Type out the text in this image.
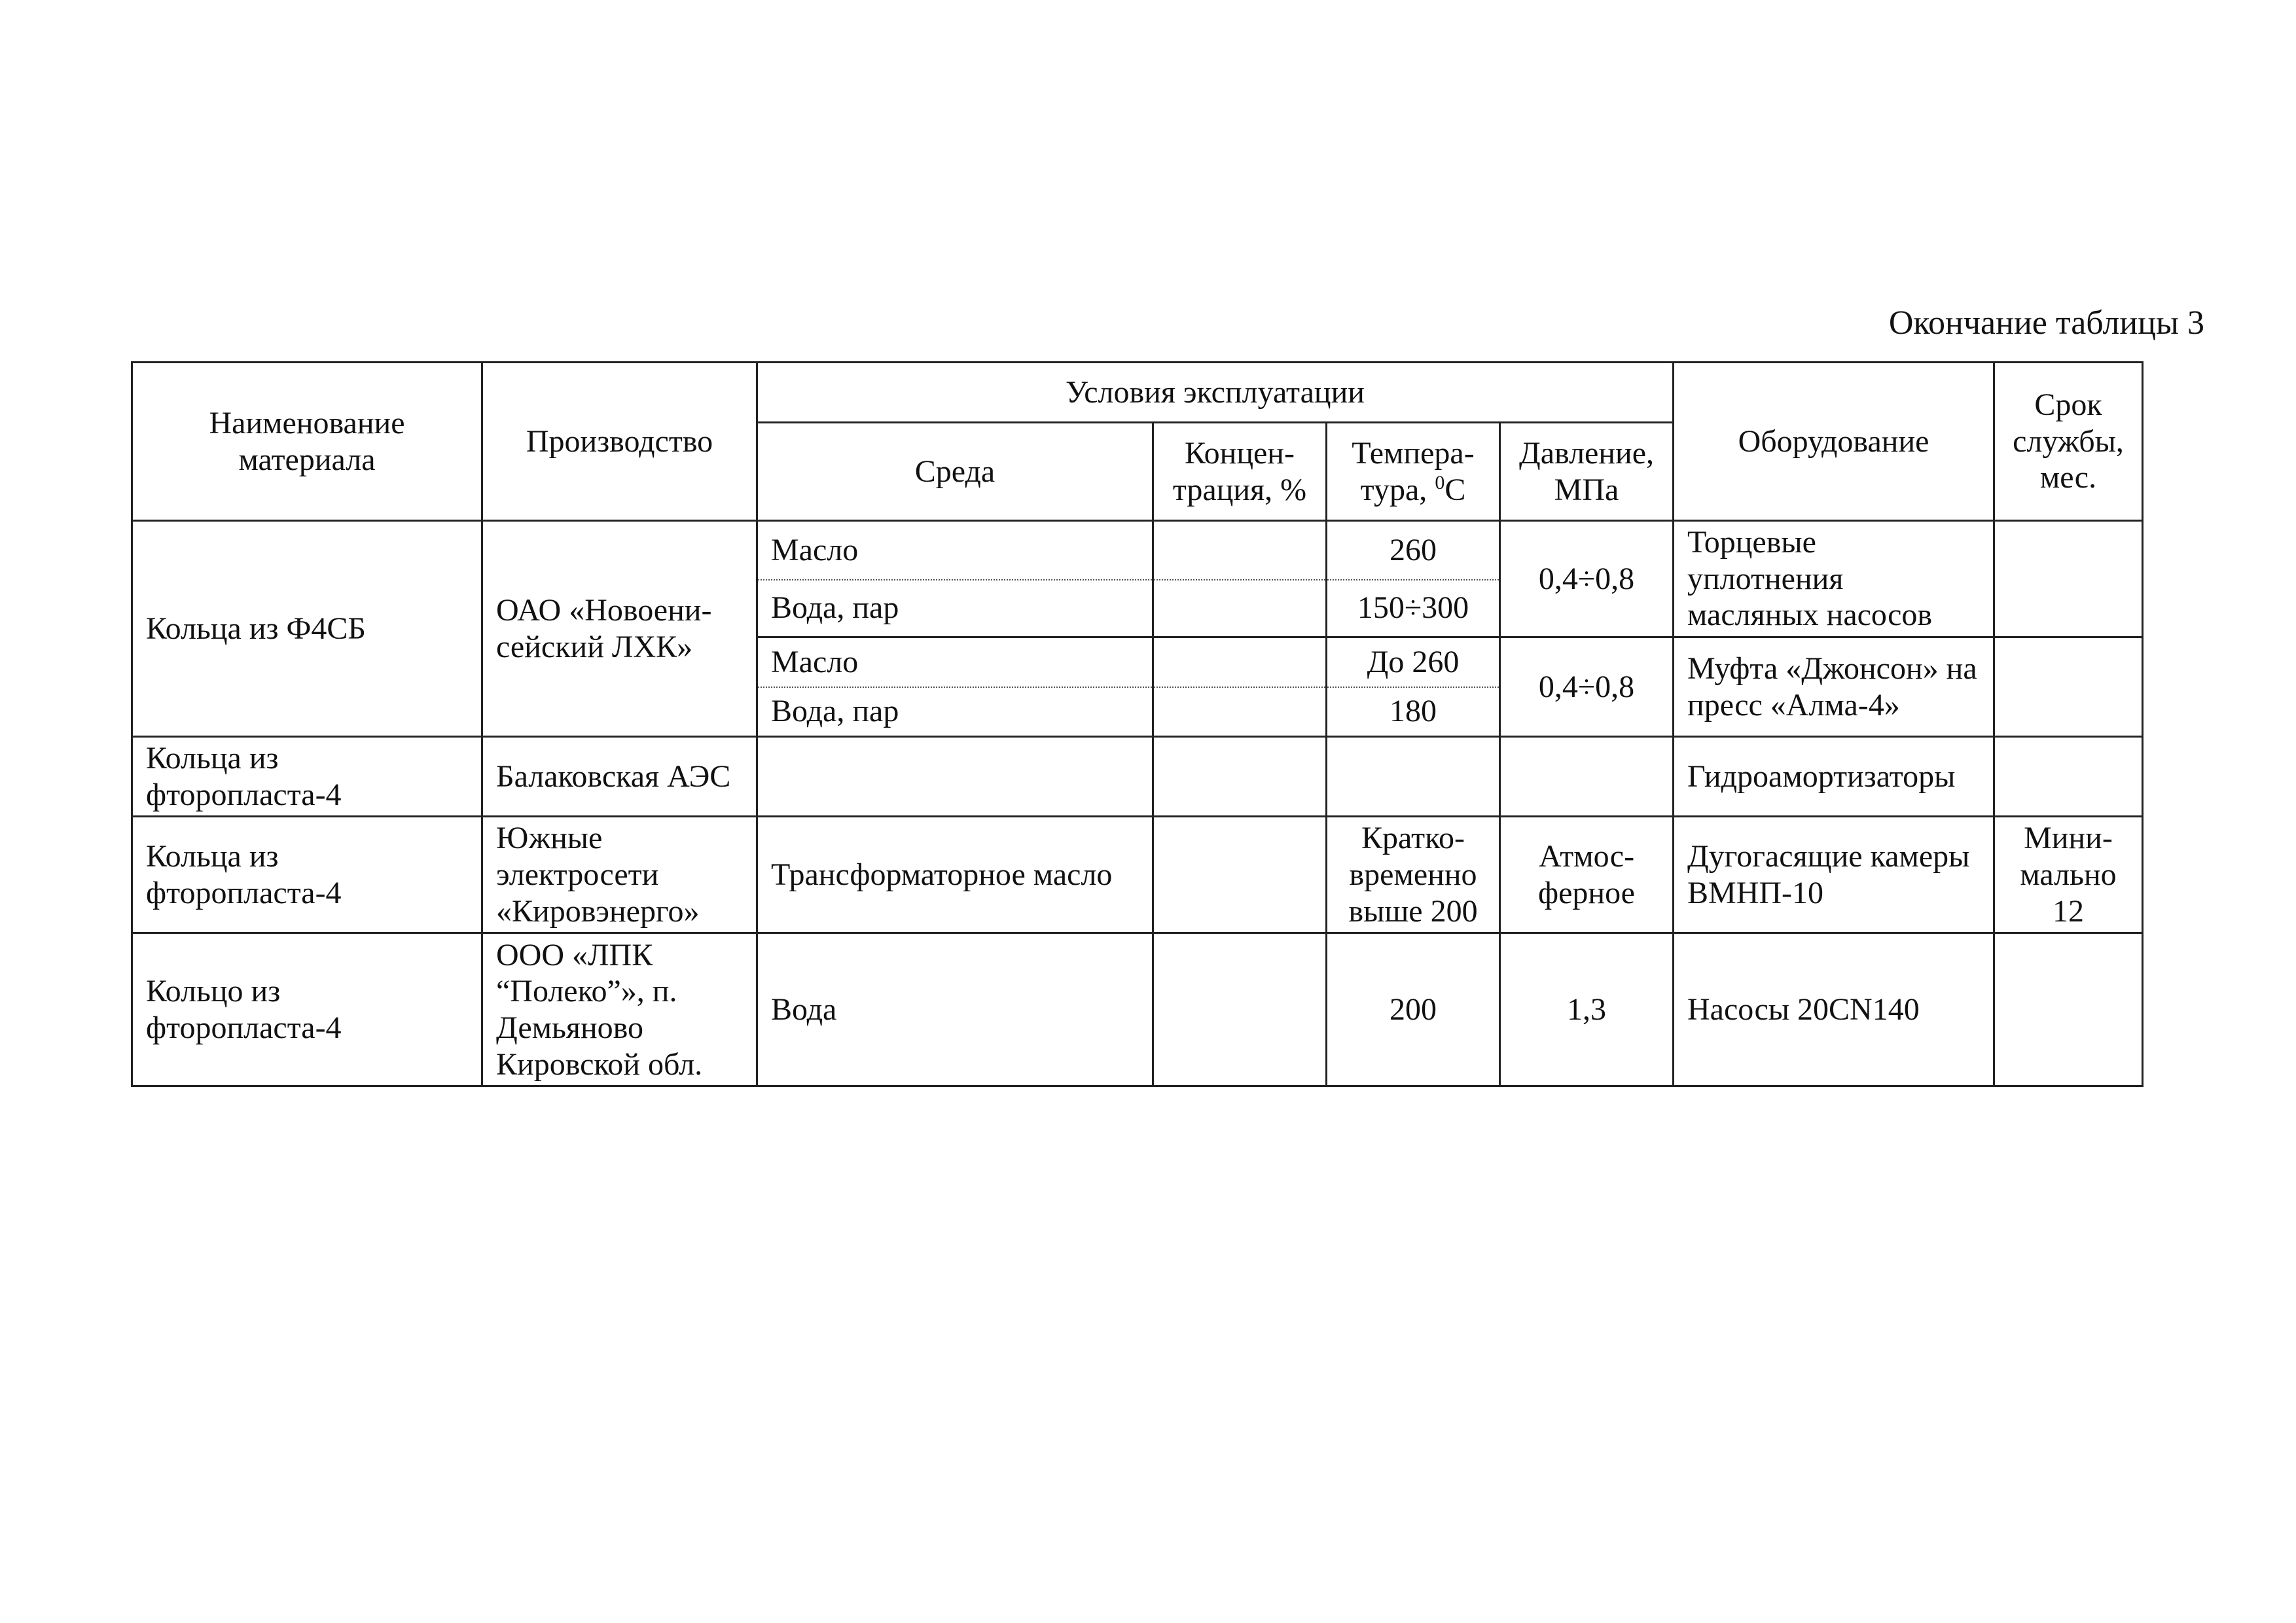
Окончание таблицы 3
Наименование материала	Производство	Условия эксплуатации				Оборудование	Срок службы, мес.
		Среда	Концен-трация, %	Темпера- тура, $^0$С	Давление, МПа		
Кольца из Ф4СБ	ОАО «Новоени-сейский ЛХК»	Масло		260	0,4÷0,8	Торцевые уплотнения масляных насосов	
		Вода, пар		150÷300			
		Масло		До 260	0,4÷0,8	Муфта «Джонсон» на пресс «Алма-4»	
		Вода, пар		180			
Кольца из фторопласта-4	Балаковская АЭС					Гидроамортизаторы	
Кольца из фторопласта-4	Южные электросети «Кировэнерго»	Трансформаторное масло		Кратко-временно выше 200	Атмос-ферное	Дугогасящие камеры ВМНП-10	Мини-мально 12
Кольцо из фторопласта-4	ООО «ЛПК “Полеко”», п. Демьяново Кировской обл.	Вода		200	1,3	Насосы 20CN140	
